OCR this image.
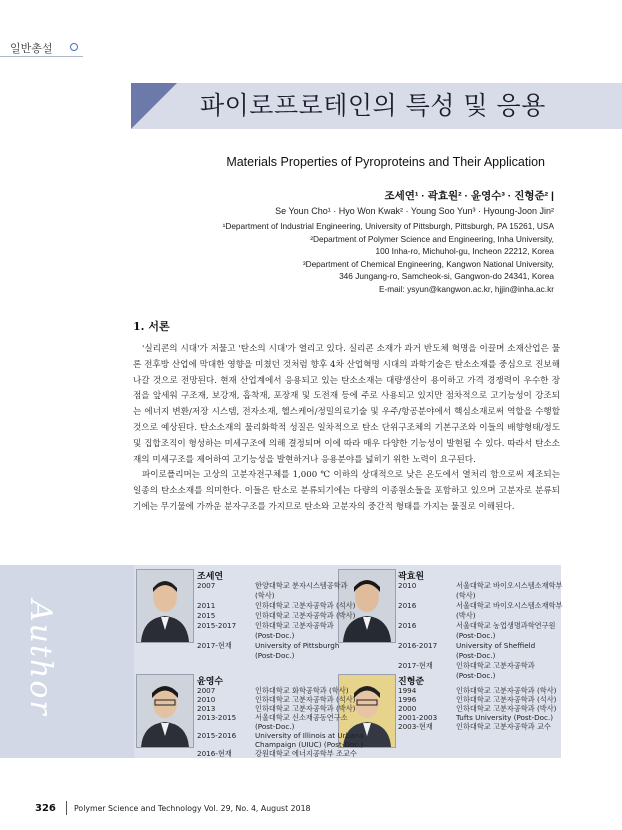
일반총설
파이로프로테인의 특성 및 응용
Materials Properties of Pyroproteins and Their Application
조세연¹ · 곽효원² · 윤영수³ · 진형준² |
Se Youn Cho¹ · Hyo Won Kwak² · Young Soo Yun³ · Hyoung-Joon Jin²
¹Department of Industrial Engineering, University of Pittsburgh, Pittsburgh, PA 15261, USA
²Department of Polymer Science and Engineering, Inha University,
100 Inha-ro, Michuhol-gu, Incheon 22212, Korea
³Department of Chemical Engineering, Kangwon National University,
346 Jungang-ro, Samcheok-si, Gangwon-do 24341, Korea
E-mail: ysyun@kangwon.ac.kr, hjjin@inha.ac.kr
1. 서론

'실리콘의 시대'가 저물고 '탄소의 시대'가 열리고 있다. 실리콘 소재가 과거 반도체 혁명을 이끌며 소재산업은 물론 전후방 산업에 막대한 영향을 미쳤던 것처럼 향후 4차 산업혁명 시대의 과학기술은 탄소소재를 중심으로 진보해 나갈 것으로 전망된다. 현재 산업계에서 응용되고 있는 탄소소재는 대량생산이 용이하고 가격 경쟁력이 우수한 장점을 앞세워 구조재, 보강재, 흡착재, 포장재 및 도전재 등에 주로 사용되고 있지만 점차적으로 고기능성이 강조되는 에너지 변환/저장 시스템, 전자소재, 헬스케어/정밀의료기술 및 우주/항공분야에서 핵심소재로써 역할을 수행할 것으로 예상된다. 탄소소재의 물리화학적 성질은 일차적으로 탄소 단위구조체의 기본구조와 이들의 배향형태/정도 및 집합조직이 형성하는 미세구조에 의해 결정되며 이에 따라 매우 다양한 기능성이 발현될 수 있다. 따라서 탄소소재의 미세구조를 제어하여 고기능성을 발현하거나 응용분야를 넓히기 위한 노력이 요구된다.

파이로폴리머는 고상의 고분자전구체를 1,000 ℃ 이하의 상대적으로 낮은 온도에서 열처리 함으로써 제조되는 일종의 탄소소재를 의미한다. 이들은 탄소로 분류되기에는 다량의 이종원소들을 포함하고 있으며 고분자로 분류되기에는 무기물에 가까운 분자구조를 가지므로 탄소와 고분자의 중간적 형태를 가지는 물질로 이해된다.

Author
조세연
2007	한양대학교 분자시스템공학과
(학사)
2011	인하대학교 고분자공학과 (석사)
2015	인하대학교 고분자공학과 (박사)
2015-2017	인하대학교 고분자공학과
(Post-Doc.)
2017-현재	University of Pittsburgh
(Post-Doc.)
곽효원
2010	서울대학교 바이오시스템소재학부
(학사)
2016	서울대학교 바이오시스템소재학부
(박사)
2016	서울대학교 농업생명과학연구원
(Post-Doc.)
2016-2017	University of Sheffield
(Post-Doc.)
2017-현재	인하대학교 고분자공학과
(Post-Doc.)
윤영수
2007	인하대학교 화학공학과 (학사)
2010	인하대학교 고분자공학과 (석사)
2013	인하대학교 고분자공학과 (박사)
2013-2015	서울대학교 신소재공동연구소
(Post-Doc.)
2015-2016	University of Illinois at Urbana
Champaign (UIUC) (Post-Doc.)
2016-현재	강원대학교 에너지공학부 조교수
진형준
1994	인하대학교 고분자공학과 (학사)
1996	인하대학교 고분자공학과 (석사)
2000	인하대학교 고분자공학과 (박사)
2001-2003	Tufts University (Post-Doc.)
2003-현재	인하대학교 고분자공학과 교수
326 Polymer Science and Technology Vol. 29, No. 4, August 2018
